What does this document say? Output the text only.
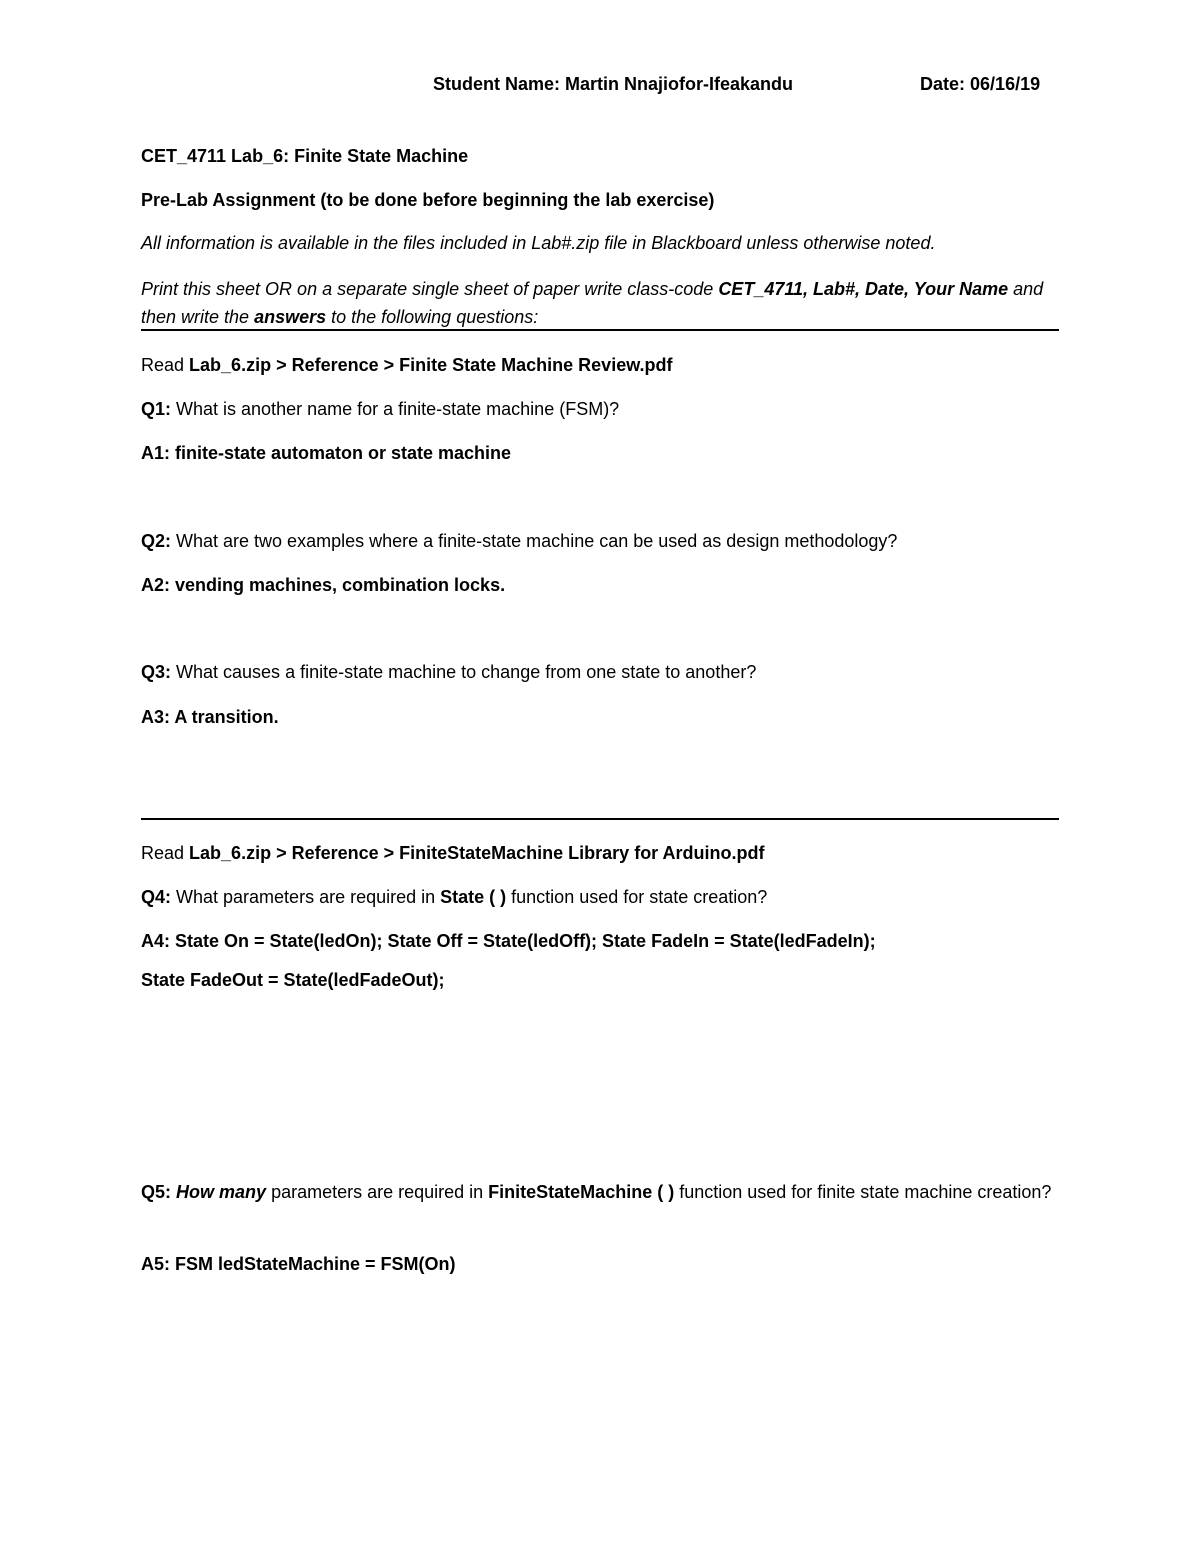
Student Name: Martin Nnajiofor-Ifeakandu	Date: 06/16/19
CET_4711 Lab_6: Finite State Machine
Pre-Lab Assignment (to be done before beginning the lab exercise)
All information is available in the files included in Lab#.zip file in Blackboard unless otherwise noted.
Print this sheet OR on a separate single sheet of paper write class-code CET_4711, Lab#, Date, Your Name and then write the answers to the following questions:
Read Lab_6.zip > Reference > Finite State Machine Review.pdf
Q1: What is another name for a finite-state machine (FSM)?
A1: finite-state automaton or state machine
Q2: What are two examples where a finite-state machine can be used as design methodology?
A2: vending machines, combination locks.
Q3: What causes a finite-state machine to change from one state to another?
A3: A transition.
Read Lab_6.zip > Reference > FiniteStateMachine Library for Arduino.pdf
Q4: What parameters are required in State ( ) function used for state creation?
A4: State On = State(ledOn); State Off = State(ledOff); State FadeIn = State(ledFadeIn);
State FadeOut = State(ledFadeOut);
Q5: How many parameters are required in FiniteStateMachine ( ) function used for finite state machine creation?
A5: FSM ledStateMachine = FSM(On)
